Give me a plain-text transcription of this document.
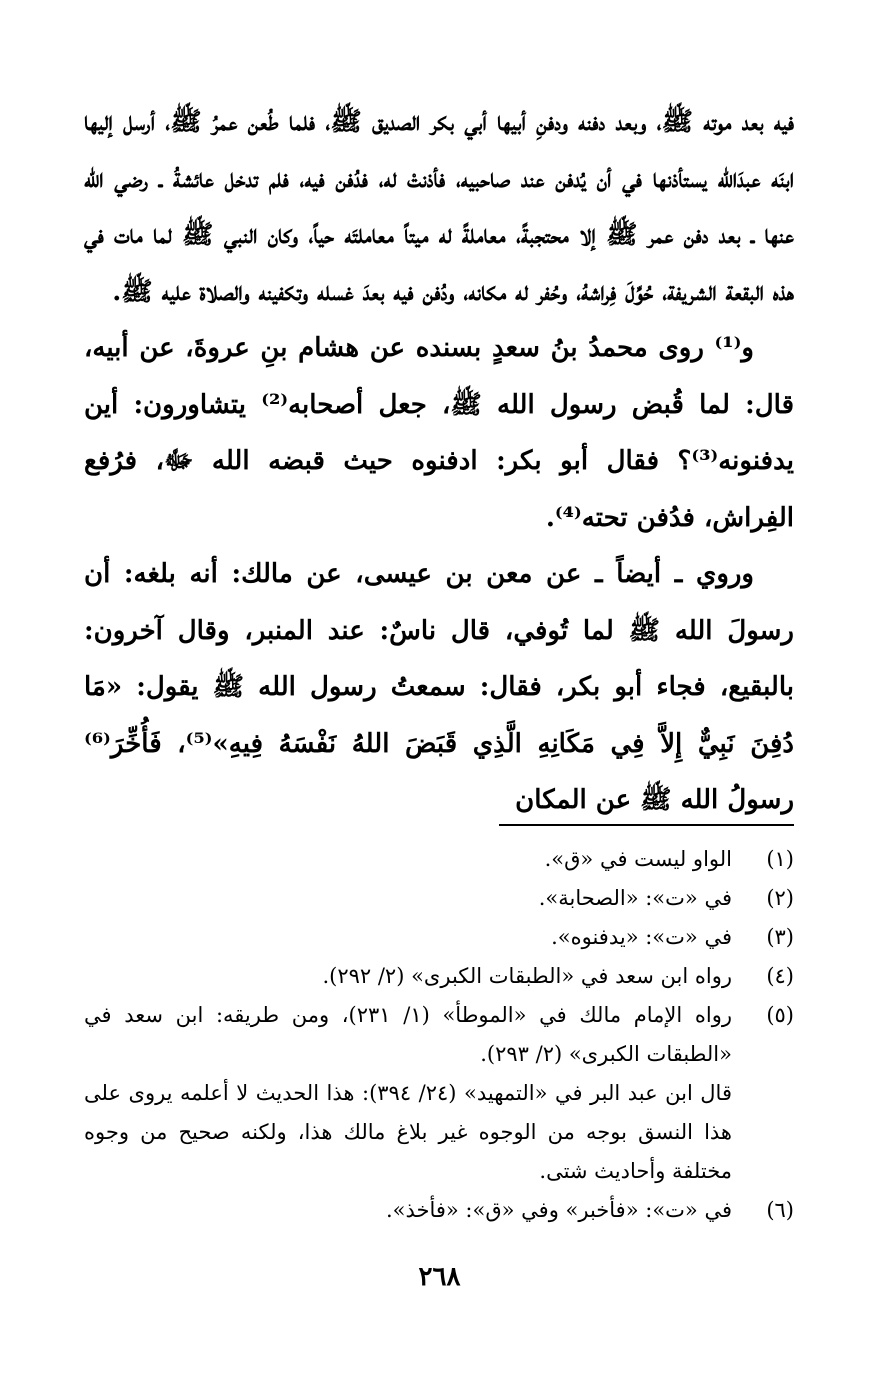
فيه بعد موته ﷺ، وبعد دفنه ودفنِ أبيها أبي بكر الصديق ﷺ، فلما طُعن عمرُ ﷺ، أرسل إليها ابنَه عبدَالله يستأذنها في أن يُدفن عند صاحبيه، فأذنتْ له، فدُفن فيه، فلم تدخل عائشةُ ـ رضي الله عنها ـ بعد دفن عمر ﷺ إلا محتجبةً، معاملةً له ميتاً معاملتَه حياً، وكان النبي ﷺ لما مات في هذه البقعة الشريفة، حُوِّلَ فِراشهُ، وحُفر له مكانه، ودُفن فيه بعدَ غسله وتكفينه والصلاة عليه ﷺ.

و⁽¹⁾ روى محمدُ بنُ سعدٍ بسنده عن هشام بنِ عروةَ، عن أبيه، قال: لما قُبض رسول الله ﷺ، جعل أصحابه⁽²⁾ يتشاورون: أين يدفنونه⁽³⁾؟ فقال أبو بكر: ادفنوه حيث قبضه الله ﷻ، فرُفع الفِراش، فدُفن تحته⁽⁴⁾.

وروي ـ أيضاً ـ عن معن بن عيسى، عن مالك: أنه بلغه: أن رسولَ الله ﷺ لما تُوفي، قال ناسٌ: عند المنبر، وقال آخرون: بالبقيع، فجاء أبو بكر، فقال: سمعتُ رسول الله ﷺ يقول: «مَا دُفِنَ نَبِيٌّ إِلاَّ فِي مَكَانِهِ الَّذِي قَبَضَ اللهُ نَفْسَهُ فِيهِ»⁽⁵⁾، فَأُخِّرَ⁽⁶⁾ رسولُ الله ﷺ عن المكان

(١)

الواو ليست في «ق».

(٢)

في «ت»: «الصحابة».

(٣)

في «ت»: «يدفنوه».

(٤)

رواه ابن سعد في «الطبقات الكبرى» (٢/ ٢٩٢).

(٥)

رواه الإمام مالك في «الموطأ» (١/ ٢٣١)، ومن طريقه: ابن سعد في «الطبقات الكبرى» (٢/ ٢٩٣).

قال ابن عبد البر في «التمهيد» (٢٤/ ٣٩٤): هذا الحديث لا أعلمه يروى على هذا النسق بوجه من الوجوه غير بلاغ مالك هذا، ولكنه صحيح من وجوه مختلفة وأحاديث شتى.

(٦)

في «ت»: «فأخبر» وفي «ق»: «فأخذ».

٢٦٨
